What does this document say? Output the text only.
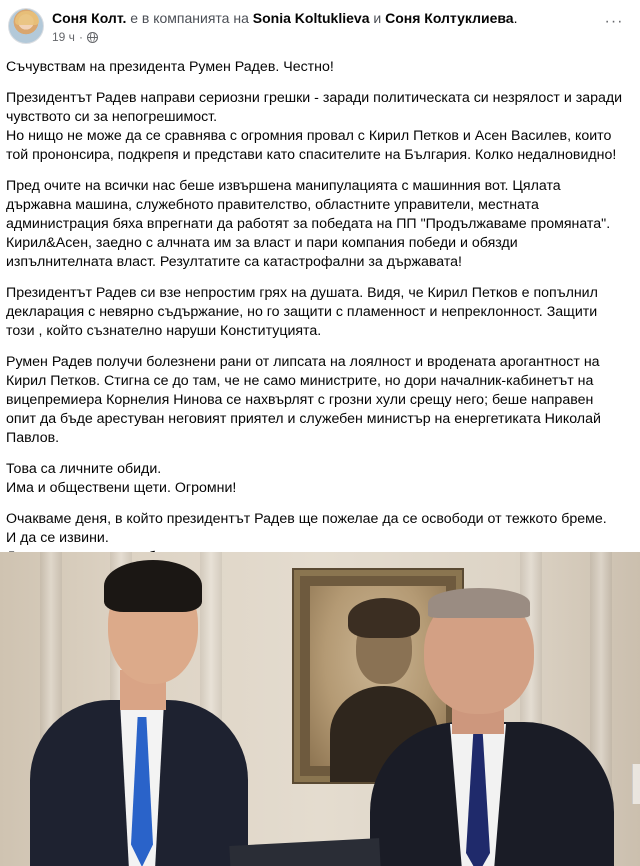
Соня Колт. е в компанията на Sonia Koltuklieva и Соня Колтуклиева.
19 ч ·
···

Съчувствам на президента Румен Радев. Честно!

Президентът Радев направи сериозни грешки - заради политическата си незрялост и заради
чувството си за непогрешимост.
Но нищо не може да се сравнява с огромния провал с Кирил Петков и Асен Василев, които
той прононсира, подкрепя и представи като спасителите на България. Колко недалновидно!

Пред очите на всички нас беше извършена манипулацията с машинния вот. Цялата
държавна машина, служебното правителство, областните управители, местната
администрация бяха впрегнати да работят за победата на ПП "Продължаваме промяната".
Кирил&Асен, заедно с алчната им за власт и пари компания победи и обязди
изпълнителната власт. Резултатите са катастрофални за държавата!

Президентът Радев си взе непростим грях на душата. Видя, че Кирил Петков е попълнил
декларация с невярно съдържание, но го защити с пламенност и непреклонност. Защити
този , който съзнателно наруши Конституцията.

Румен Радев получи болезнени рани от липсата на лоялност и вродената арогантност на
Кирил Петков. Стигна се до там, че не само министрите, но дори началник-кабинетът на
вицепремиера Корнелия Нинова се нахвърлят с грозни хули срещу него; беше направен
опит да бъде арестуван неговият приятел и служебен министър на енергетиката Николай
Павлов.

Това са личните обиди.
Има и обществени щети. Огромни!

Очакваме деня, в който президентът Радев ще пожелае да се освободи от тежкото бреме.
И да се извини.
